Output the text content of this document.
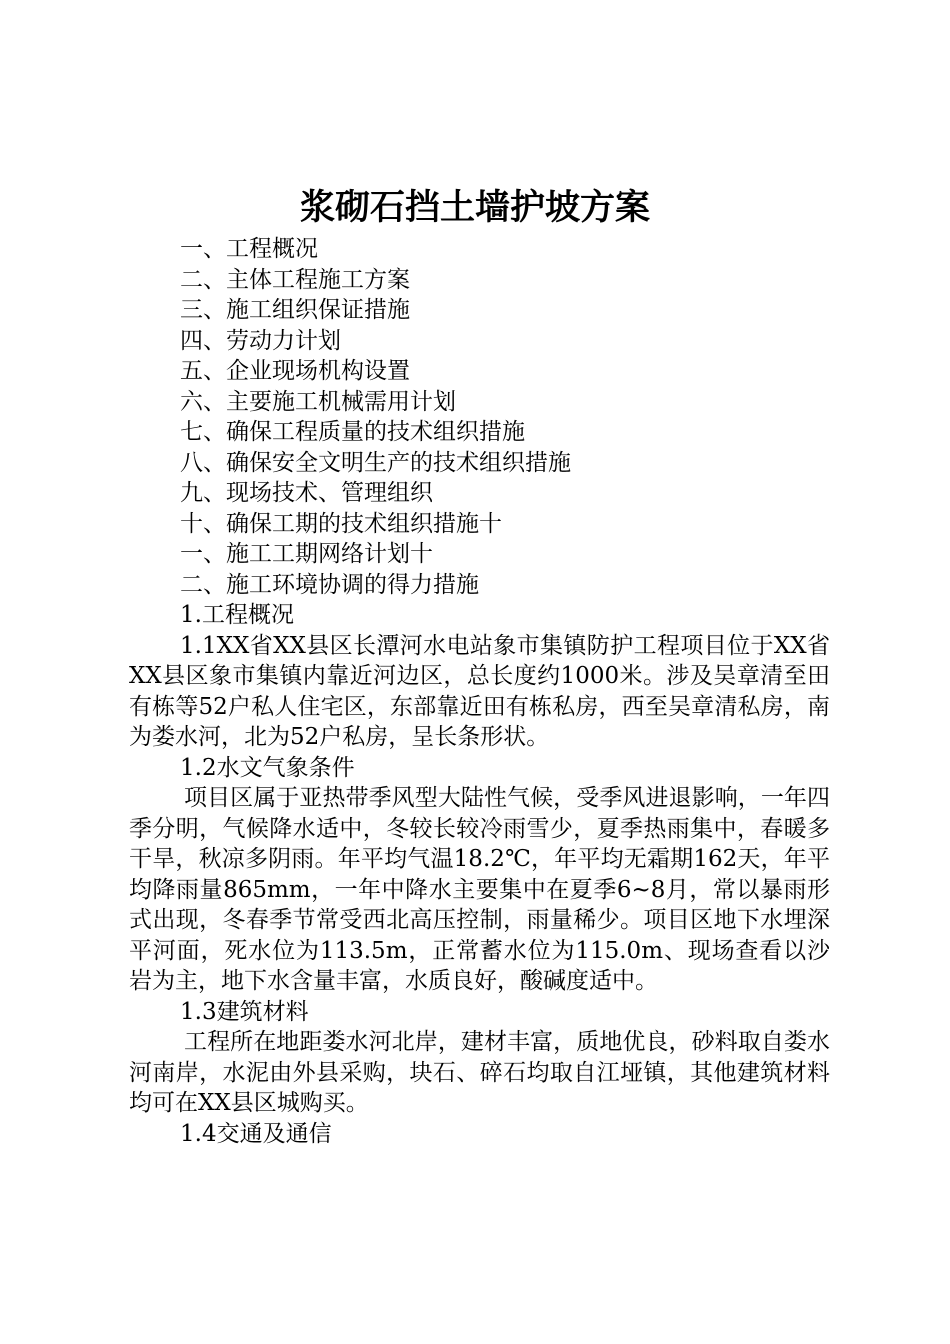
浆砌石挡土墙护坡方案
一、工程概况
二、主体工程施工方案
三、施工组织保证措施
四、劳动力计划
五、企业现场机构设置
六、主要施工机械需用计划
七、确保工程质量的技术组织措施
八、确保安全文明生产的技术组织措施
九、现场技术、管理组织
十、确保工期的技术组织措施十
一、施工工期网络计划十
二、施工环境协调的得力措施
1.工程概况

1.1XX省XX县区长潭河水电站象市集镇防护工程项目位于XX省XX县区象市集镇内靠近河边区，总长度约1000米。涉及吴章清至田有栋等52户私人住宅区，东部靠近田有栋私房，西至吴章清私房，南为娄水河，北为52户私房，呈长条形状。

1.2水文气象条件

项目区属于亚热带季风型大陆性气候，受季风进退影响，一年四季分明，气候降水适中，冬较长较冷雨雪少，夏季热雨集中，春暖多干旱，秋凉多阴雨。年平均气温18.2℃，年平均无霜期162天，年平均降雨量865mm，一年中降水主要集中在夏季6~8月，常以暴雨形式出现，冬春季节常受西北高压控制，雨量稀少。项目区地下水埋深平河面，死水位为113.5m，正常蓄水位为115.0m、现场查看以沙岩为主，地下水含量丰富，水质良好，酸碱度适中。

1.3建筑材料

工程所在地距娄水河北岸，建材丰富，质地优良，砂料取自娄水河南岸，水泥由外县采购，块石、碎石均取自江垭镇，其他建筑材料均可在XX县区城购买。

1.4交通及通信
